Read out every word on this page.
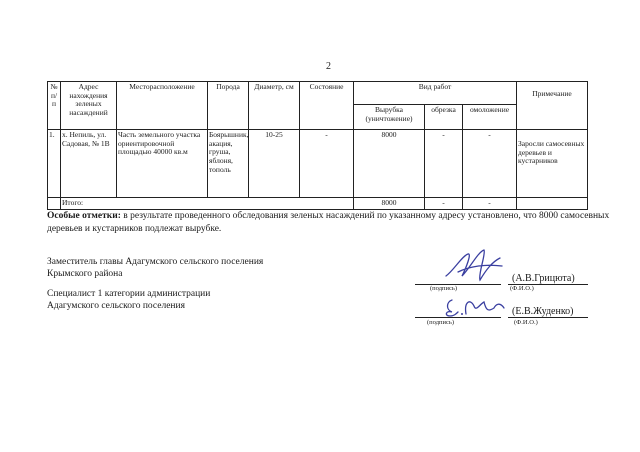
2
№ п/п	Адрес нахождения зеленых насаждений	Месторасположение	Порода	Диаметр, см	Состояние	Вид работ			Примечание
						Вырубка (уничтожение)	обрезка	омоложение	
1.	х. Непиль, ул. Садовая, № 1В	Часть земельного участка ориентировочной площадью 40000 кв.м	Боярышник, акация, груша, яблоня, тополь	10-25	-	8000	-	-	Заросли самосевных деревьев и кустарников
	Итого:					8000	-	-	
Особые отметки: в результате проведенного обследования зеленых насаждений по указанному адресу установлено, что 8000 самосевных деревьев и кустарников подлежат вырубке.
Заместитель главы Адагумского сельского поселения Крымского района	(А.В.Грицюта)
(подпись)	(Ф.И.О.)
Специалист 1 категории администрации Адагумского сельского поселения	(Е.В.Жуденко)
(подпись)	(Ф.И.О.)
